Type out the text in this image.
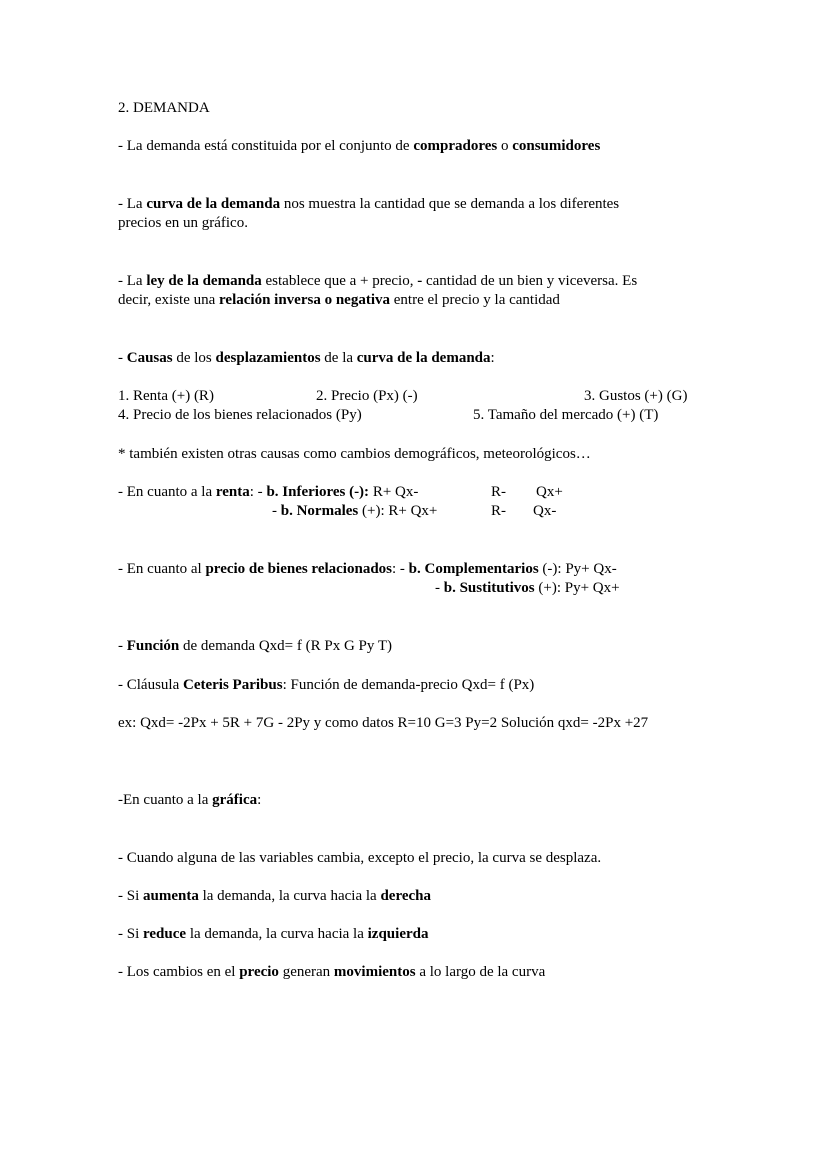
2. DEMANDA
- La demanda está constituida por el conjunto de compradores o consumidores
- La curva de la demanda nos muestra la cantidad que se demanda a los diferentes
precios en un gráfico.
- La ley de la demanda establece que a + precio, - cantidad de un bien y viceversa. Es
decir, existe una relación inversa o negativa entre el precio y la cantidad
- Causas de los desplazamientos de la curva de la demanda:
1. Renta (+) (R)	2. Precio (Px) (-)	3. Gustos (+) (G)
4. Precio de los bienes relacionados (Py)	5. Tamaño del mercado (+) (T)
* también existen otras causas como cambios demográficos, meteorológicos…
- En cuanto a la renta: - b. Inferiores (-): R+ Qx-	R- Qx+
- b. Normales (+): R+ Qx+	R- Qx-
- En cuanto al precio de bienes relacionados: - b. Complementarios (-): Py+ Qx-
- b. Sustitutivos (+): Py+ Qx+
- Función de demanda Qxd= f (R Px G Py T)
- Cláusula Ceteris Paribus: Función de demanda-precio Qxd= f (Px)
ex: Qxd= -2Px + 5R + 7G - 2Py y como datos R=10 G=3 Py=2 Solución qxd= -2Px +27
-En cuanto a la gráfica:
- Cuando alguna de las variables cambia, excepto el precio, la curva se desplaza.
- Si aumenta la demanda, la curva hacia la derecha
- Si reduce la demanda, la curva hacia la izquierda
- Los cambios en el precio generan movimientos a lo largo de la curva
